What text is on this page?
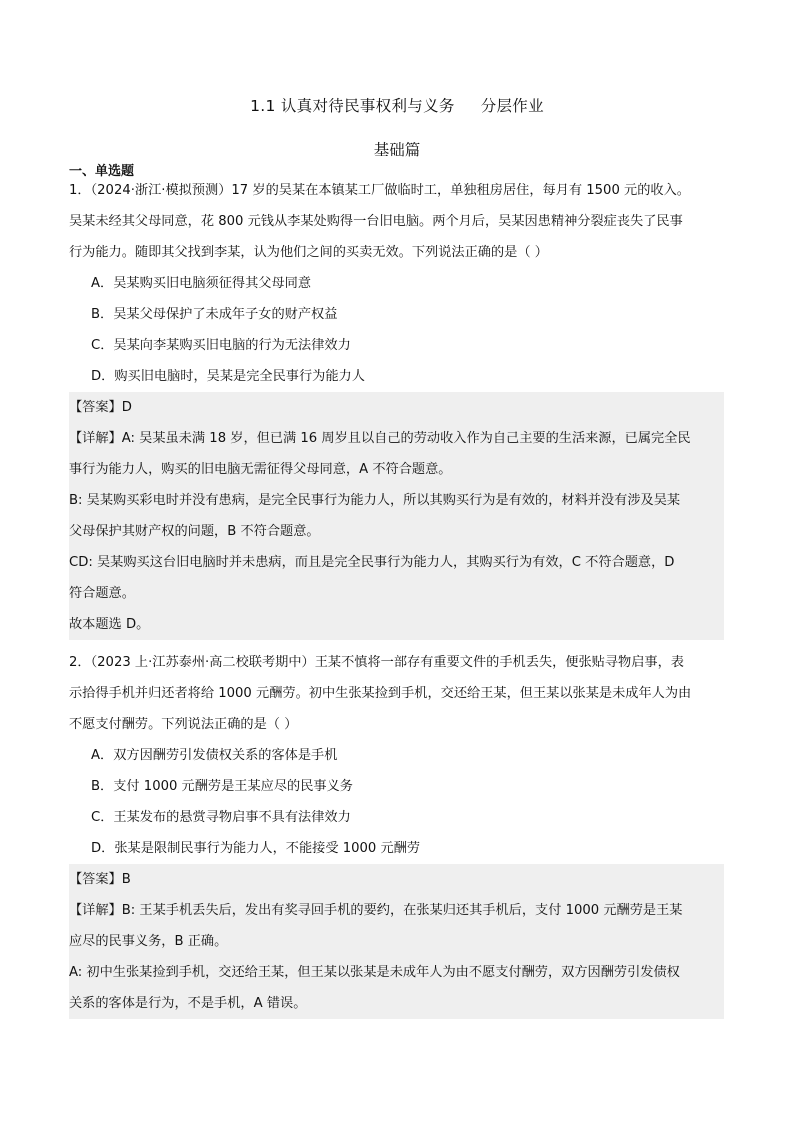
1.1 认真对待民事权利与义务 分层作业
基础篇
一、单选题
1．（2024·浙江·模拟预测）17 岁的吴某在本镇某工厂做临时工，单独租房居住，每月有 1500 元的收入。
吴某未经其父母同意，花 800 元钱从李某处购得一台旧电脑。两个月后，吴某因患精神分裂症丧失了民事
行为能力。随即其父找到李某，认为他们之间的买卖无效。下列说法正确的是（ ）
A．吴某购买旧电脑须征得其父母同意
B．吴某父母保护了未成年子女的财产权益
C．吴某向李某购买旧电脑的行为无法律效力
D．购买旧电脑时，吴某是完全民事行为能力人
【答案】D
【详解】A: 吴某虽未满 18 岁，但已满 16 周岁且以自己的劳动收入作为自己主要的生活来源，已属完全民
事行为能力人，购买的旧电脑无需征得父母同意，A 不符合题意。
B: 吴某购买彩电时并没有患病，是完全民事行为能力人，所以其购买行为是有效的，材料并没有涉及吴某
父母保护其财产权的问题，B 不符合题意。
CD: 吴某购买这台旧电脑时并未患病，而且是完全民事行为能力人，其购买行为有效，C 不符合题意，D
符合题意。
故本题选 D。
2．（2023 上·江苏泰州·高二校联考期中）王某不慎将一部存有重要文件的手机丢失，便张贴寻物启事，表
示拾得手机并归还者将给 1000 元酬劳。初中生张某捡到手机，交还给王某，但王某以张某是未成年人为由
不愿支付酬劳。下列说法正确的是（ ）
A．双方因酬劳引发债权关系的客体是手机
B．支付 1000 元酬劳是王某应尽的民事义务
C．王某发布的悬赏寻物启事不具有法律效力
D．张某是限制民事行为能力人，不能接受 1000 元酬劳
【答案】B
【详解】B: 王某手机丢失后，发出有奖寻回手机的要约，在张某归还其手机后，支付 1000 元酬劳是王某
应尽的民事义务，B 正确。
A: 初中生张某捡到手机，交还给王某，但王某以张某是未成年人为由不愿支付酬劳，双方因酬劳引发债权
关系的客体是行为，不是手机，A 错误。
